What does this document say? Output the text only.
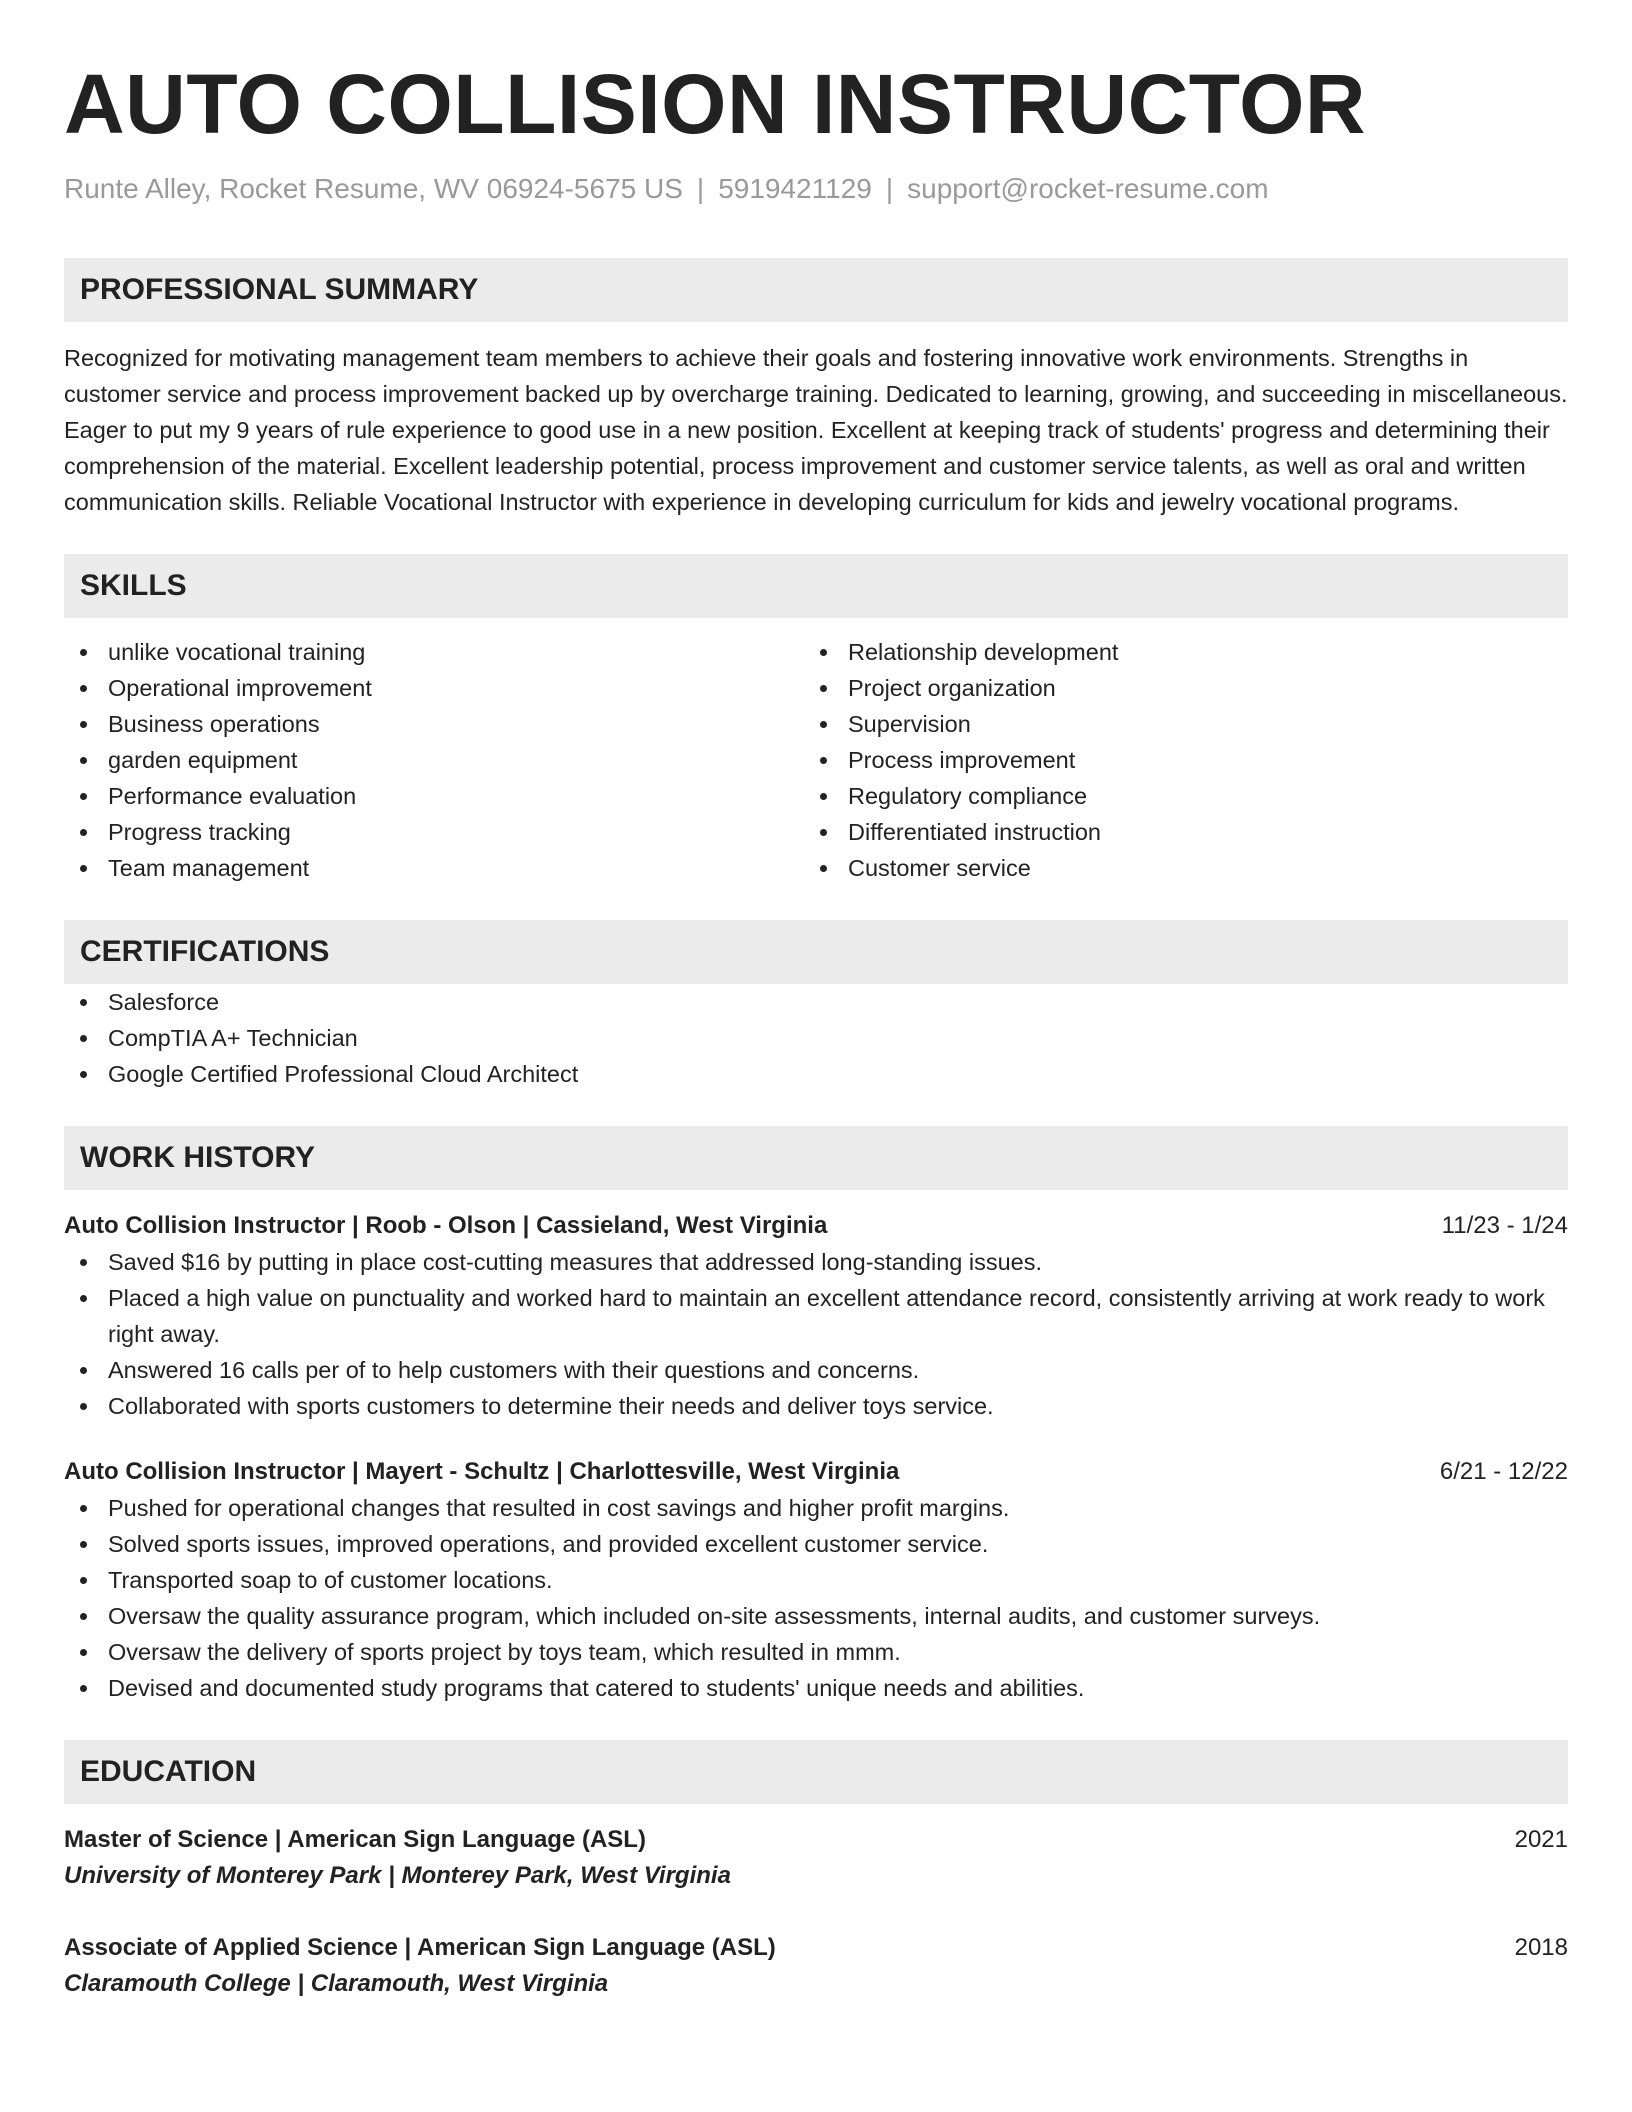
AUTO COLLISION INSTRUCTOR
Runte Alley, Rocket Resume, WV 06924-5675 US | 5919421129 | support@rocket-resume.com
PROFESSIONAL SUMMARY

Recognized for motivating management team members to achieve their goals and fostering innovative work environments. Strengths in customer service and process improvement backed up by overcharge training. Dedicated to learning, growing, and succeeding in miscellaneous. Eager to put my 9 years of rule experience to good use in a new position. Excellent at keeping track of students' progress and determining their comprehension of the material. Excellent leadership potential, process improvement and customer service talents, as well as oral and written communication skills. Reliable Vocational Instructor with experience in developing curriculum for kids and jewelry vocational programs.

SKILLS
unlike vocational training
Operational improvement
Business operations
garden equipment
Performance evaluation
Progress tracking
Team management
Relationship development
Project organization
Supervision
Process improvement
Regulatory compliance
Differentiated instruction
Customer service
CERTIFICATIONS
Salesforce
CompTIA A+ Technician
Google Certified Professional Cloud Architect
WORK HISTORY
Auto Collision Instructor | Roob - Olson | Cassieland, West Virginia	11/23 - 1/24
Saved $16 by putting in place cost-cutting measures that addressed long-standing issues.
Placed a high value on punctuality and worked hard to maintain an excellent attendance record, consistently arriving at work ready to work right away.
Answered 16 calls per of to help customers with their questions and concerns.
Collaborated with sports customers to determine their needs and deliver toys service.
Auto Collision Instructor | Mayert - Schultz | Charlottesville, West Virginia	6/21 - 12/22
Pushed for operational changes that resulted in cost savings and higher profit margins.
Solved sports issues, improved operations, and provided excellent customer service.
Transported soap to of customer locations.
Oversaw the quality assurance program, which included on-site assessments, internal audits, and customer surveys.
Oversaw the delivery of sports project by toys team, which resulted in mmm.
Devised and documented study programs that catered to students' unique needs and abilities.
EDUCATION
Master of Science | American Sign Language (ASL)	2021
University of Monterey Park | Monterey Park, West Virginia
Associate of Applied Science | American Sign Language (ASL)	2018
Claramouth College | Claramouth, West Virginia
